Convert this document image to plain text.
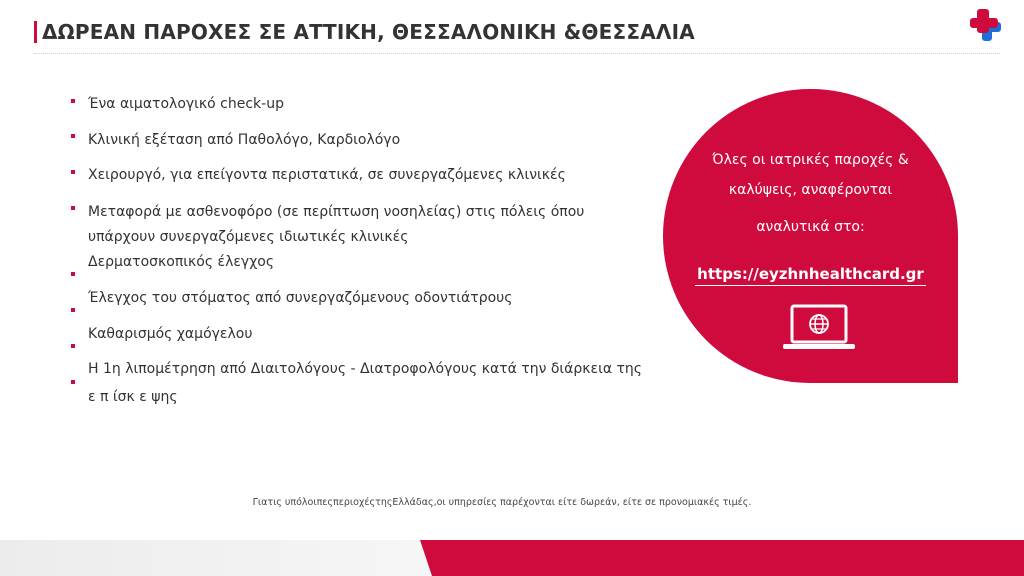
ΔΩΡΕΑΝ ΠΑΡΟΧΕΣ ΣΕ ΑΤΤΙΚΗ, ΘΕΣΣΑΛΟΝΙΚΗ &ΘΕΣΣΑΛΙΑ
Ένα αιματολογικό check-up
Κλινική εξέταση από Παθολόγο, Καρδιολόγο
Χειρουργό, για επείγοντα περιστατικά, σε συνεργαζόμενες κλινικές
Μεταφορά με ασθενοφόρο (σε περίπτωση νοσηλείας) στις πόλεις όπου
υπάρχουν συνεργαζόμενες ιδιωτικές κλινικές
Δερματοσκοπικός έλεγχος
Έλεγχος του στόματος από συνεργαζόμενους οδοντιάτρους
Καθαρισμός χαμόγελου
Η 1η λιπομέτρηση από Διαιτολόγους - Διατροφολόγους κατά την διάρκεια της
ε π ίσκ ε ψης
Όλες οι ιατρικές παροχές &
καλύψεις, αναφέρονται
αναλυτικά στο:
https://eyzhnhealthcard.gr
Γιατις υπόλοιπεςπεριοχέςτηςΕλλάδας,οι υπηρεσίες παρέχονται είτε δωρεάν, είτε σε προνομιακές τιμές.
